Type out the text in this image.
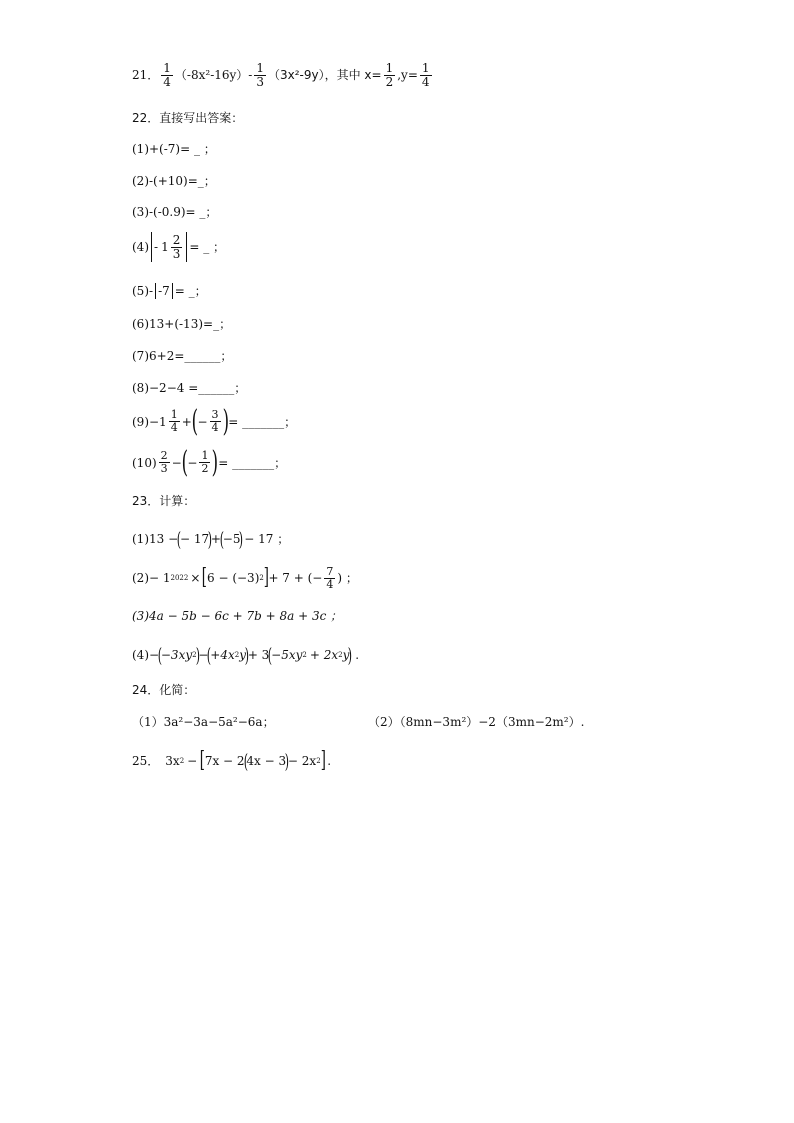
21． $\frac{1}{4} (-8x^2-16y)- \frac{1}{3} (3x^2-9y)$，其中 $x= \frac{1}{2} ,y= \frac{1}{4}$
22．直接写出答案：
(1)+(-7)= _ ；
(2)-(+10)=_；
(3)-(-0.9)= _；
$(4) - 1 \frac{2}{3}$ = _ ；
(5)- -7 = _；
(6)13+(-13)=_；
(7)6+2=______；
(8)−2−4 =______；
$(9)-1 \frac{1}{4}$ + ( − $\frac{3}{4}$ ) = _______；
$(10) \frac{2}{3}$ − ( − $\frac{1}{2}$ ) = _______；
23．计算：
(1)13 −
(
− 17
)
+
(
−5
) − 17 ；
(2)− 1 2022 × [ 6 − (−3) 2 ] + 7 + (− $\frac{7}{4}$ ) ；
(3)4a − 5b − 6c + 7b + 8a + 3c ；
(4)−
(
−3xy 2
)
−
(
+4x 2 y
)
+ 3
(
−5xy 2 + 2x 2 y
) .
24．化简：
（1）3a²−3a−5a²−6a；	（2）（8mn−3m²）−2（3mn−2m²）.
25． 3x 2 − [ 7x − 2
(
4x − 3
)
− 2x 2 ] .
